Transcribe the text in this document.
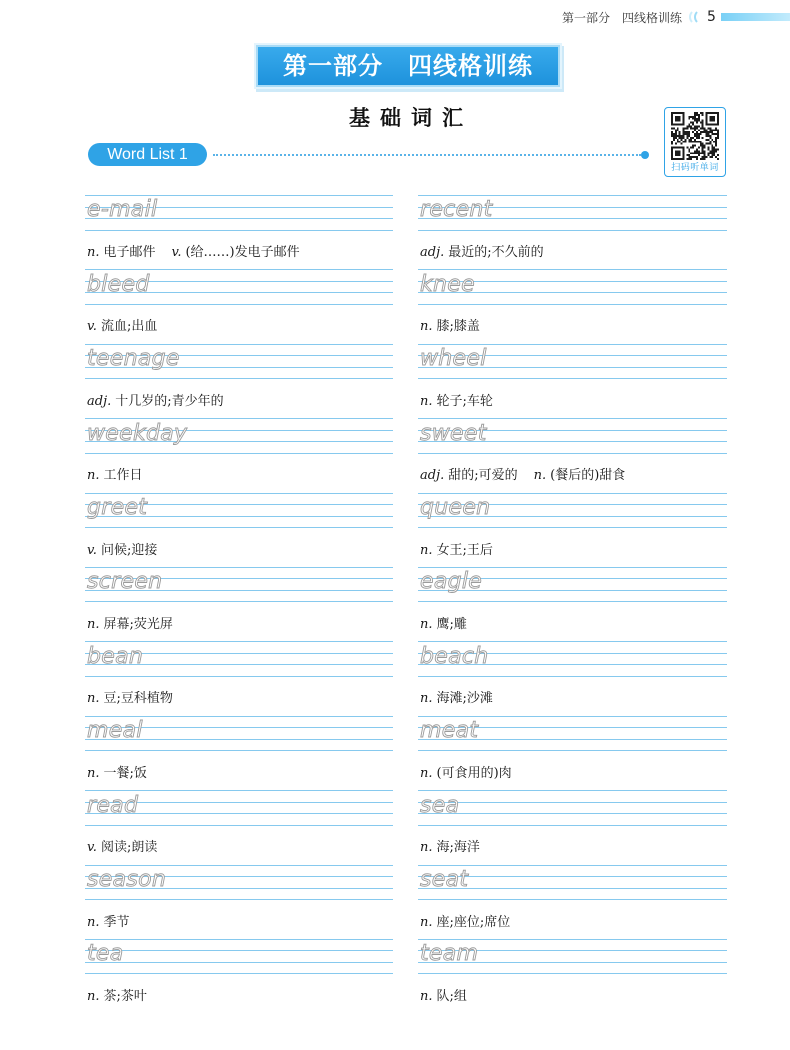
第一部分　四线格训练 5
第一部分　四线格训练
基础词汇
扫码听单词
Word List 1
e-mail
n. 电子邮件 v. (给……)发电子邮件
bleed
v. 流血;出血
teenage
adj. 十几岁的;青少年的
weekday
n. 工作日
greet
v. 问候;迎接
screen
n. 屏幕;荧光屏
bean
n. 豆;豆科植物
meal
n. 一餐;饭
read
v. 阅读;朗读
season
n. 季节
tea
n. 茶;茶叶
recent
adj. 最近的;不久前的
knee
n. 膝;膝盖
wheel
n. 轮子;车轮
sweet
adj. 甜的;可爱的 n. (餐后的)甜食
queen
n. 女王;王后
eagle
n. 鹰;雕
beach
n. 海滩;沙滩
meat
n. (可食用的)肉
sea
n. 海;海洋
seat
n. 座;座位;席位
team
n. 队;组
